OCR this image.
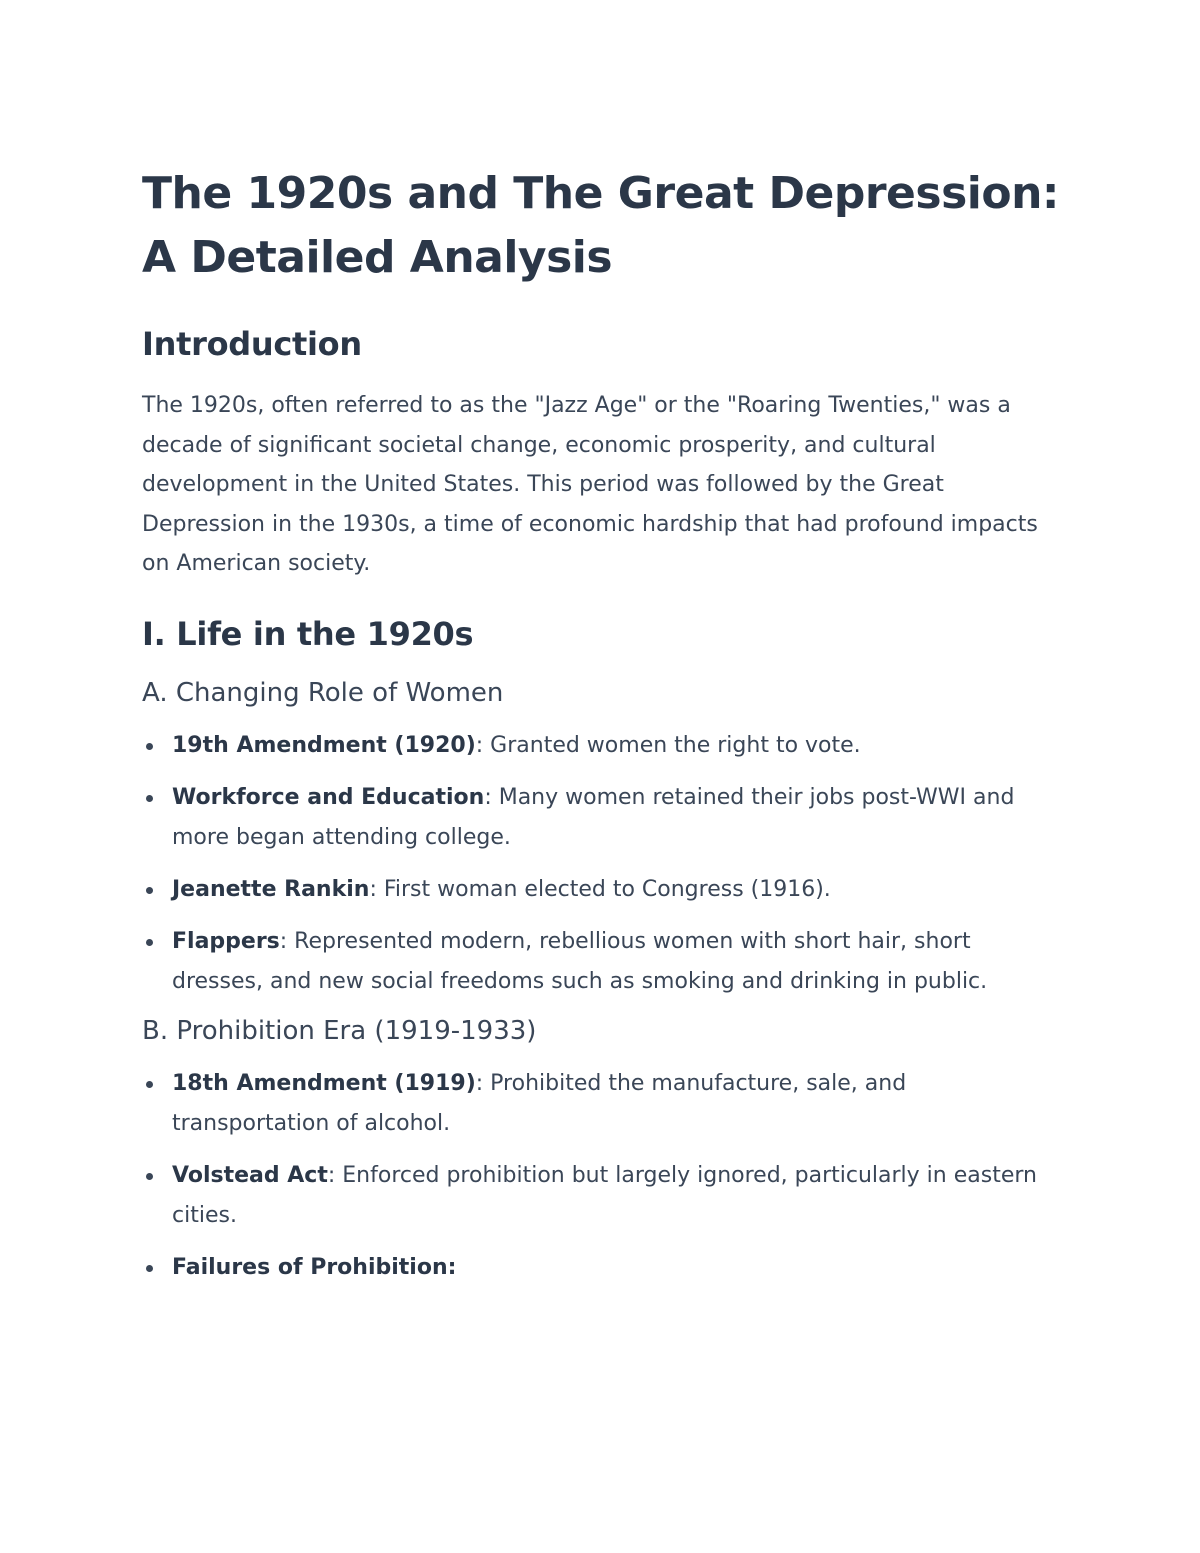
The 1920s and The Great Depression: A Detailed Analysis
Introduction

The 1920s, often referred to as the "Jazz Age" or the "Roaring Twenties," was a decade of significant societal change, economic prosperity, and cultural development in the United States. This period was followed by the Great Depression in the 1930s, a time of economic hardship that had profound impacts on American society.

I. Life in the 1920s
A. Changing Role of Women
19th Amendment (1920): Granted women the right to vote.
Workforce and Education: Many women retained their jobs post-WWI and more began attending college.
Jeanette Rankin: First woman elected to Congress (1916).
Flappers: Represented modern, rebellious women with short hair, short dresses, and new social freedoms such as smoking and drinking in public.
B. Prohibition Era (1919-1933)
18th Amendment (1919): Prohibited the manufacture, sale, and transportation of alcohol.
Volstead Act: Enforced prohibition but largely ignored, particularly in eastern cities.
Failures of Prohibition:
